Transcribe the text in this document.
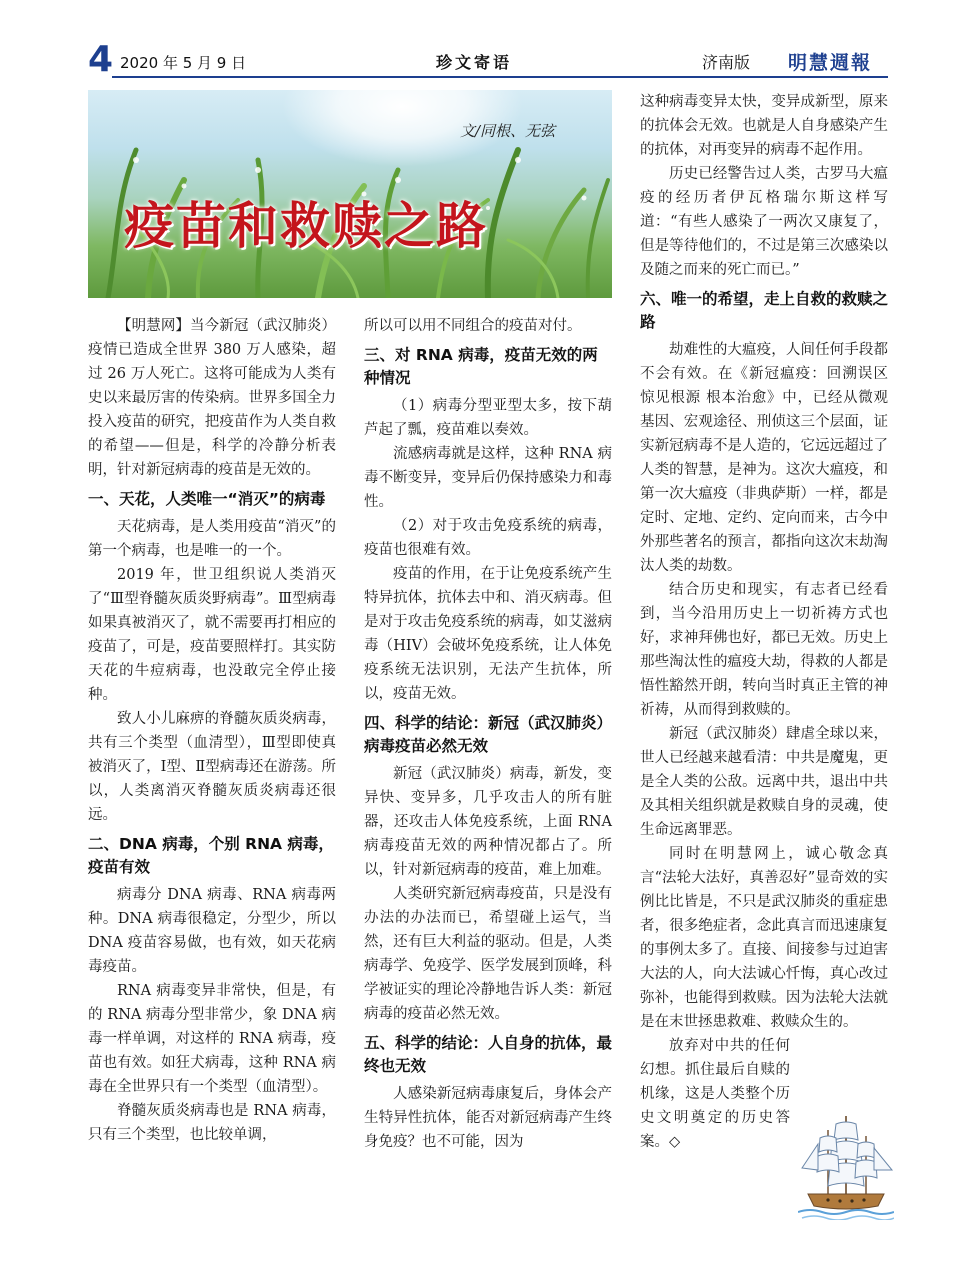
4 2020 年 5 月 9 日	珍文寄语	济南版 明慧週報
文/同根、无弦
疫苗和救赎之路

【明慧网】当今新冠（武汉肺炎）疫情已造成全世界 380 万人感染，超过 26 万人死亡。这将可能成为人类有史以来最厉害的传染病。世界多国全力投入疫苗的研究，把疫苗作为人类自救的希望——但是，科学的冷静分析表明，针对新冠病毒的疫苗是无效的。

一、天花，人类唯一“消灭”的病毒

天花病毒，是人类用疫苗“消灭”的第一个病毒，也是唯一的一个。

2019 年，世卫组织说人类消灭了“Ⅲ型脊髓灰质炎野病毒”。Ⅲ型病毒如果真被消灭了，就不需要再打相应的疫苗了，可是，疫苗要照样打。其实防天花的牛痘病毒，也没敢完全停止接种。

致人小儿麻痹的脊髓灰质炎病毒，共有三个类型（血清型），Ⅲ型即使真被消灭了，Ⅰ型、Ⅱ型病毒还在游荡。所以，人类离消灭脊髓灰质炎病毒还很远。

二、DNA 病毒，个别 RNA 病毒，疫苗有效

病毒分 DNA 病毒、RNA 病毒两种。DNA 病毒很稳定，分型少，所以 DNA 疫苗容易做，也有效，如天花病毒疫苗。

RNA 病毒变异非常快，但是，有的 RNA 病毒分型非常少，象 DNA 病毒一样单调，对这样的 RNA 病毒，疫苗也有效。如狂犬病毒，这种 RNA 病毒在全世界只有一个类型（血清型）。

脊髓灰质炎病毒也是 RNA 病毒，只有三个类型，也比较单调，

所以可以用不同组合的疫苗对付。

三、对 RNA 病毒，疫苗无效的两种情况

（1）病毒分型亚型太多，按下葫芦起了瓢，疫苗难以奏效。

流感病毒就是这样，这种 RNA 病毒不断变异，变异后仍保持感染力和毒性。

（2）对于攻击免疫系统的病毒，疫苗也很难有效。

疫苗的作用，在于让免疫系统产生特异抗体，抗体去中和、消灭病毒。但是对于攻击免疫系统的病毒，如艾滋病毒（HIV）会破坏免疫系统，让人体免疫系统无法识别，无法产生抗体，所以，疫苗无效。

四、科学的结论：新冠（武汉肺炎）病毒疫苗必然无效

新冠（武汉肺炎）病毒，新发，变异快、变异多，几乎攻击人的所有脏器，还攻击人体免疫系统，上面 RNA 病毒疫苗无效的两种情况都占了。所以，针对新冠病毒的疫苗，难上加难。

人类研究新冠病毒疫苗，只是没有办法的办法而已，希望碰上运气，当然，还有巨大利益的驱动。但是，人类病毒学、免疫学、医学发展到顶峰，科学被证实的理论冷静地告诉人类：新冠病毒的疫苗必然无效。

五、科学的结论：人自身的抗体，最终也无效

人感染新冠病毒康复后，身体会产生特异性抗体，能否对新冠病毒产生终身免疫？也不可能，因为

这种病毒变异太快，变异成新型，原来的抗体会无效。也就是人自身感染产生的抗体，对再变异的病毒不起作用。

历史已经警告过人类，古罗马大瘟疫的经历者伊瓦格瑞尔斯这样写道：“有些人感染了一两次又康复了，但是等待他们的，不过是第三次感染以及随之而来的死亡而已。”

六、唯一的希望，走上自救的救赎之路

劫难性的大瘟疫，人间任何手段都不会有效。在《新冠瘟疫：回溯误区 惊见根源 根本治愈》中，已经从微观基因、宏观途径、刑侦这三个层面，证实新冠病毒不是人造的，它远远超过了人类的智慧，是神为。这次大瘟疫，和第一次大瘟疫（非典萨斯）一样，都是定时、定地、定约、定向而来，古今中外那些著名的预言，都指向这次末劫淘汰人类的劫数。

结合历史和现实，有志者已经看到，当今沿用历史上一切祈祷方式也好，求神拜佛也好，都已无效。历史上那些淘汰性的瘟疫大劫，得救的人都是悟性豁然开朗，转向当时真正主管的神祈祷，从而得到救赎的。

新冠（武汉肺炎）肆虐全球以来，世人已经越来越看清：中共是魔鬼，更是全人类的公敌。远离中共，退出中共及其相关组织就是救赎自身的灵魂，使生命远离罪恶。

同时在明慧网上，诚心敬念真言“法轮大法好，真善忍好”显奇效的实例比比皆是，不只是武汉肺炎的重症患者，很多绝症者，念此真言而迅速康复的事例太多了。直接、间接参与过迫害大法的人，向大法诚心忏悔，真心改过弥补，也能得到救赎。因为法轮大法就是在末世拯患救难、救赎众生的。

放弃对中共的任何幻想。抓住最后自赎的机缘，这是人类整个历史文明奠定的历史答案。◇
